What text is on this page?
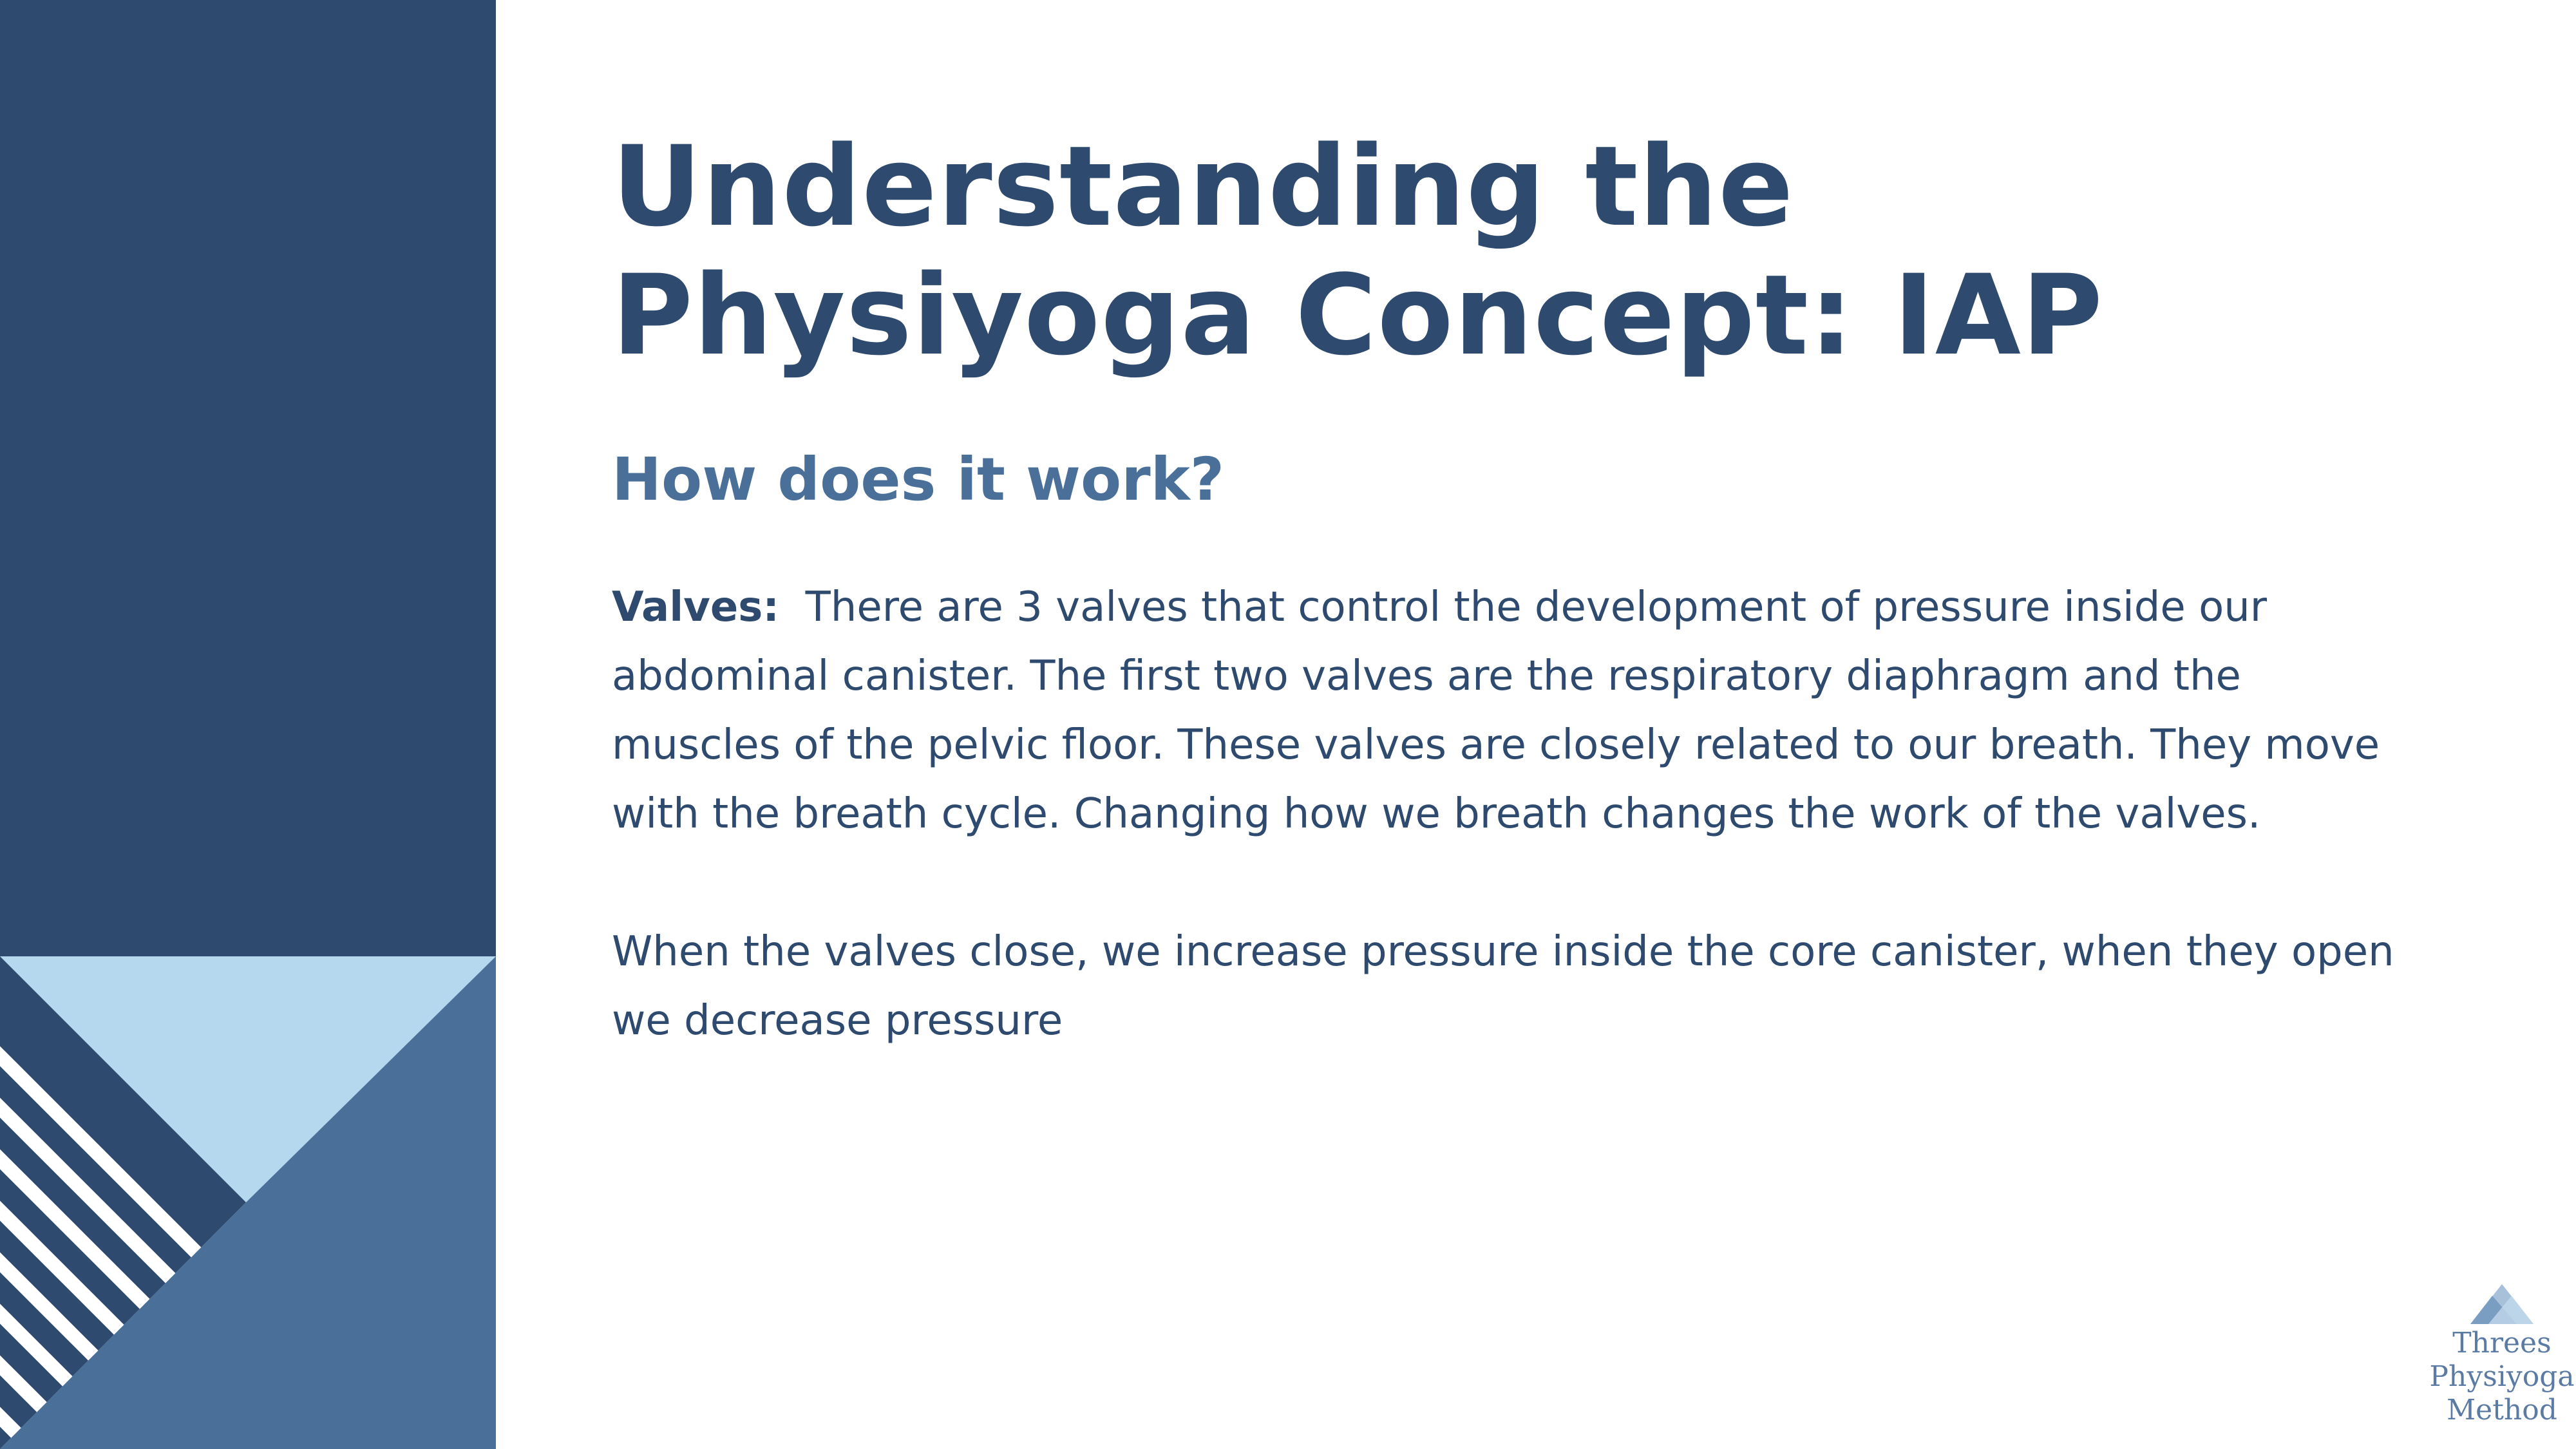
Understanding the
Physiyoga Concept: IAP
How does it work?

Valves: There are 3 valves that control the development of pressure inside our abdominal canister. The first two valves are the respiratory diaphragm and the muscles of the pelvic floor. These valves are closely related to our breath. They move with the breath cycle. Changing how we breath changes the work of the valves.

When the valves close, we increase pressure inside the core canister, when they open we decrease pressure

Threes
Physiyoga
Method
